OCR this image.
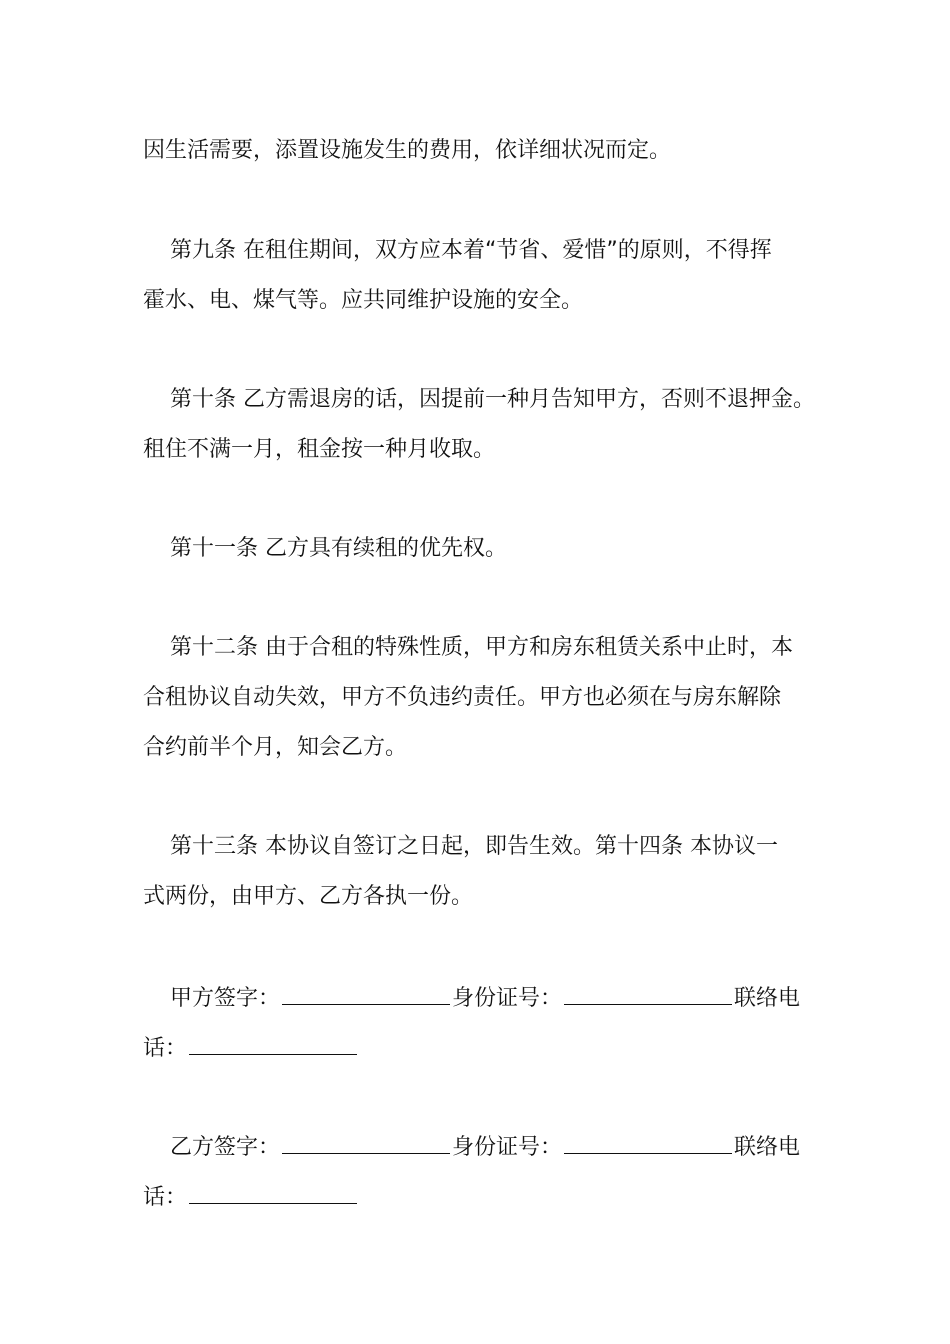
因生活需要，添置设施发生的费用，依详细状况而定。
第九条 在租住期间，双方应本着“节省、爱惜”的原则，不得挥
霍水、电、煤气等。应共同维护设施的安全。
第十条 乙方需退房的话，因提前一种月告知甲方，否则不退押金。
租住不满一月，租金按一种月收取。
第十一条 乙方具有续租的优先权。
第十二条 由于合租的特殊性质，甲方和房东租赁关系中止时，本
合租协议自动失效，甲方不负违约责任。甲方也必须在与房东解除
合约前半个月，知会乙方。
第十三条 本协议自签订之日起，即告生效。第十四条 本协议一
式两份，由甲方、乙方各执一份。
甲方签字：	身份证号：	联络电
话：
乙方签字：	身份证号：	联络电
话：
